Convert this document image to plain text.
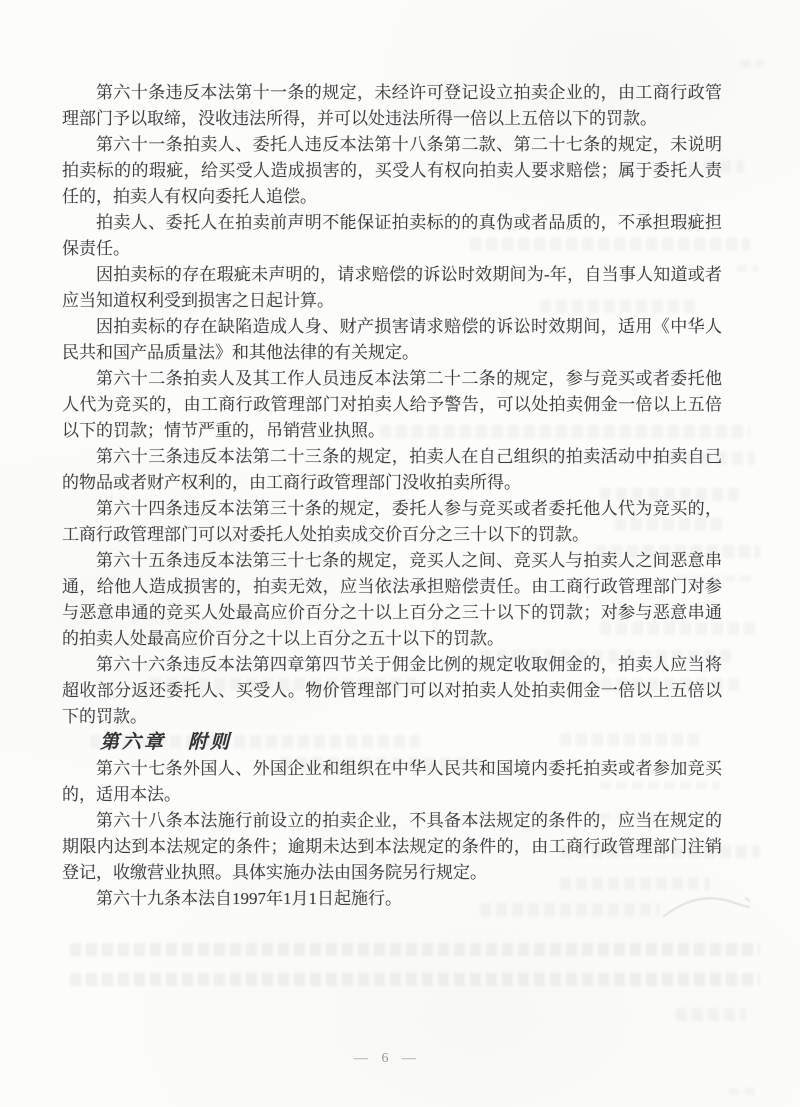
第六十条违反本法第十一条的规定，未经许可登记设立拍卖企业的，由工商行政管理部门予以取缔，没收违法所得，并可以处违法所得一倍以上五倍以下的罚款。

第六十一条拍卖人、委托人违反本法第十八条第二款、第二十七条的规定，未说明拍卖标的的瑕疵，给买受人造成损害的，买受人有权向拍卖人要求赔偿；属于委托人责任的，拍卖人有权向委托人追偿。

拍卖人、委托人在拍卖前声明不能保证拍卖标的的真伪或者品质的，不承担瑕疵担保责任。

因拍卖标的存在瑕疵未声明的，请求赔偿的诉讼时效期间为-年，自当事人知道或者应当知道权利受到损害之日起计算。

因拍卖标的存在缺陷造成人身、财产损害请求赔偿的诉讼时效期间，适用《中华人民共和国产品质量法》和其他法律的有关规定。

第六十二条拍卖人及其工作人员违反本法第二十二条的规定，参与竞买或者委托他人代为竞买的，由工商行政管理部门对拍卖人给予警告，可以处拍卖佣金一倍以上五倍以下的罚款；情节严重的，吊销营业执照。

第六十三条违反本法第二十三条的规定，拍卖人在自己组织的拍卖活动中拍卖自己的物品或者财产权利的，由工商行政管理部门没收拍卖所得。

第六十四条违反本法第三十条的规定，委托人参与竞买或者委托他人代为竞买的，工商行政管理部门可以对委托人处拍卖成交价百分之三十以下的罚款。

第六十五条违反本法第三十七条的规定，竞买人之间、竞买人与拍卖人之间恶意串通，给他人造成损害的，拍卖无效，应当依法承担赔偿责任。由工商行政管理部门对参与恶意串通的竞买人处最高应价百分之十以上百分之三十以下的罚款；对参与恶意串通的拍卖人处最高应价百分之十以上百分之五十以下的罚款。

第六十六条违反本法第四章第四节关于佣金比例的规定收取佣金的，拍卖人应当将超收部分返还委托人、买受人。物价管理部门可以对拍卖人处拍卖佣金一倍以上五倍以下的罚款。

第六章　附则

第六十七条外国人、外国企业和组织在中华人民共和国境内委托拍卖或者参加竞买的，适用本法。

第六十八条本法施行前设立的拍卖企业，不具备本法规定的条件的，应当在规定的期限内达到本法规定的条件；逾期未达到本法规定的条件的，由工商行政管理部门注销登记，收缴营业执照。具体实施办法由国务院另行规定。

第六十九条本法自1997年1月1日起施行。

— 6 —
